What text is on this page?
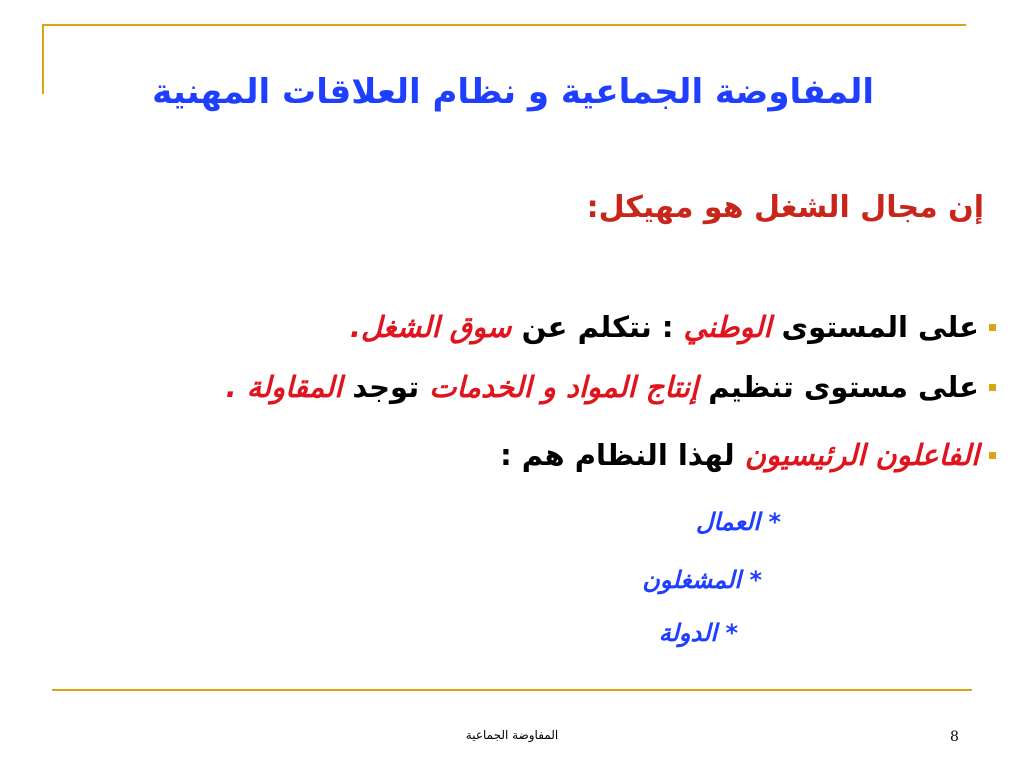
المفاوضة الجماعية و نظام العلاقات المهنية
إن مجال الشغل هو مهيكل:
على المستوى الوطني : نتكلم عن سوق الشغل.
على مستوى تنظيم إنتاج المواد و الخدمات توجد المقاولة .
الفاعلون الرئيسيون لهذا النظام هم :
* العمال
* المشغلون
* الدولة
المفاوضة الجماعية	8
